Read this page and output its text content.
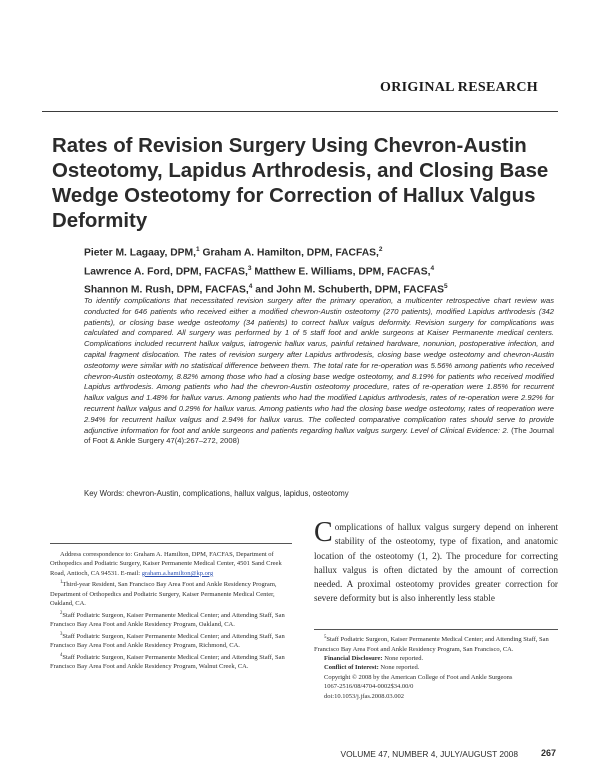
ORIGINAL RESEARCH
Rates of Revision Surgery Using Chevron-Austin Osteotomy, Lapidus Arthrodesis, and Closing Base Wedge Osteotomy for Correction of Hallux Valgus Deformity
Pieter M. Lagaay, DPM,$^1$ Graham A. Hamilton, DPM, FACFAS,$^2$
Lawrence A. Ford, DPM, FACFAS,$^3$ Matthew E. Williams, DPM, FACFAS,$^4$
Shannon M. Rush, DPM, FACFAS,$^4$ and John M. Schuberth, DPM, FACFAS$^5$

To identify complications that necessitated revision surgery after the primary operation, a multicenter retrospective chart review was conducted for 646 patients who received either a modified chevron-Austin osteotomy (270 patients), modified Lapidus arthrodesis (342 patients), or closing base wedge osteotomy (34 patients) to correct hallux valgus deformity. Revision surgery for complications was calculated and compared. All surgery was performed by 1 of 5 staff foot and ankle surgeons at Kaiser Permanente medical centers. Complications included recurrent hallux valgus, iatrogenic hallux varus, painful retained hardware, nonunion, postoperative infection, and capital fragment dislocation. The rates of revision surgery after Lapidus arthrodesis, closing base wedge osteotomy and chevron-Austin osteotomy were similar with no statistical difference between them. The total rate for re-operation was 5.56% among patients who received chevron-Austin osteotomy, 8.82% among those who had a closing base wedge osteotomy, and 8.19% for patients who received modified Lapidus arthrodesis. Among patients who had the chevron-Austin osteotomy procedure, rates of re-operation were 1.85% for recurrent hallux valgus and 1.48% for hallux varus. Among patients who had the modified Lapidus arthrodesis, rates of re-operation were 2.92% for recurrent hallux valgus and 0.29% for hallux varus. Among patients who had the closing base wedge osteotomy, rates of reoperation were 2.94% for recurrent hallux valgus and 2.94% for hallux varus. The collected comparative complication rates should serve to provide adjunctive information for foot and ankle surgeons and patients regarding hallux valgus surgery. Level of Clinical Evidence: 2. (The Journal of Foot & Ankle Surgery 47(4):267–272, 2008)

Key Words: chevron-Austin, complications, hallux valgus, lapidus, osteotomy

Complications of hallux valgus surgery depend on inherent stability of the osteotomy, type of fixation, and anatomic location of the osteotomy (1, 2). The procedure for correcting hallux valgus is often dictated by the amount of correction needed. A proximal osteotomy provides greater correction for severe deformity but is also inherently less stable

Address correspondence to: Graham A. Hamilton, DPM, FACFAS, Department of Orthopedics and Podiatric Surgery, Kaiser Permanente Medical Center, 4501 Sand Creek Road, Antioch, CA 94531. E-mail: graham.a.hamilton@kp.org

$^1$Third-year Resident, San Francisco Bay Area Foot and Ankle Residency Program, Department of Orthopedics and Podiatric Surgery, Kaiser Permanente Medical Center, Oakland, CA.

$^2$Staff Podiatric Surgeon, Kaiser Permanente Medical Center; and Attending Staff, San Francisco Bay Area Foot and Ankle Residency Program, Oakland, CA.

$^3$Staff Podiatric Surgeon, Kaiser Permanente Medical Center; and Attending Staff, San Francisco Bay Area Foot and Ankle Residency Program, Richmond, CA.

$^4$Staff Podiatric Surgeon, Kaiser Permanente Medical Center; and Attending Staff, San Francisco Bay Area Foot and Ankle Residency Program, Walnut Creek, CA.

$^5$Staff Podiatric Surgeon, Kaiser Permanente Medical Center; and Attending Staff, San Francisco Bay Area Foot and Ankle Residency Program, San Francisco, CA.

Financial Disclosure: None reported.

Conflict of Interest: None reported.

Copyright © 2008 by the American College of Foot and Ankle Surgeons

1067-2516/08/4704-0002$34.00/0

doi:10.1053/j.jfas.2008.03.002

VOLUME 47, NUMBER 4, JULY/AUGUST 2008	267
